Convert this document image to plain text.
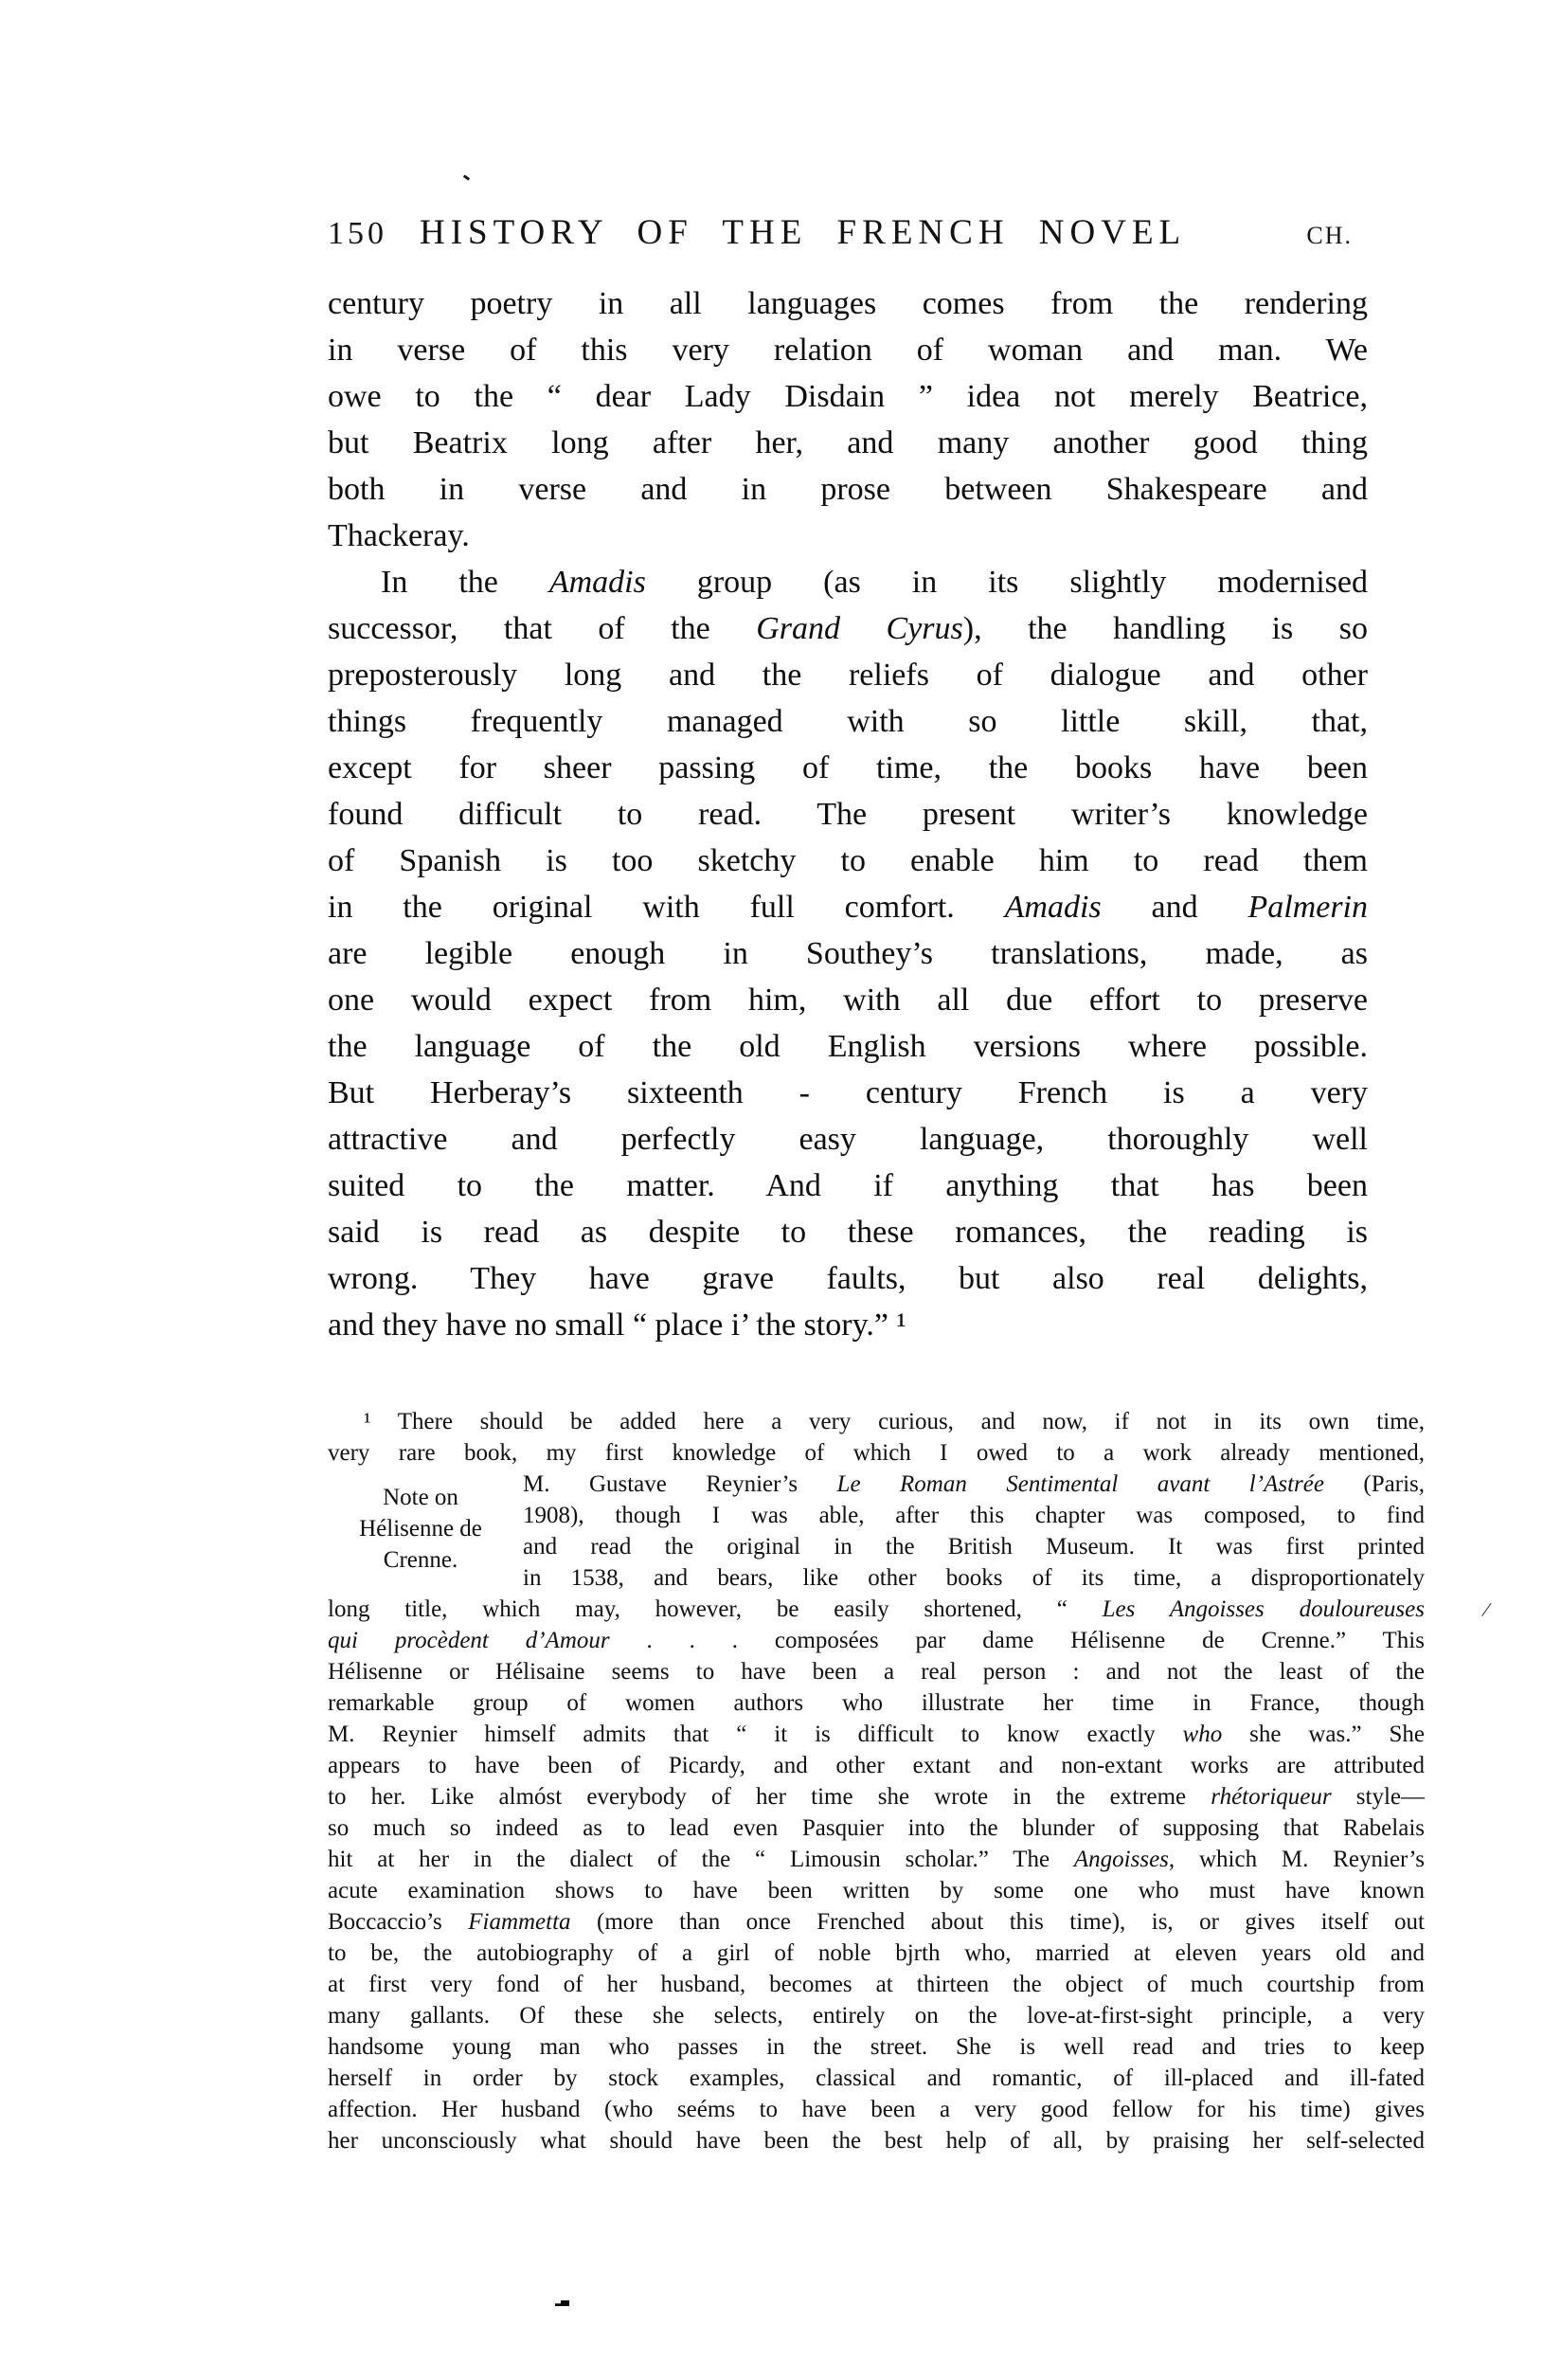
150 HISTORY OF THE FRENCH NOVEL	CH.
century poetry in all languages comes from the rendering
in verse of this very relation of woman and man. We
owe to the “ dear Lady Disdain ” idea not merely Beatrice,
but Beatrix long after her, and many another good thing
both in verse and in prose between Shakespeare and
Thackeray.
In the Amadis group (as in its slightly modernised
successor, that of the Grand Cyrus), the handling is so
preposterously long and the reliefs of dialogue and other
things frequently managed with so little skill, that,
except for sheer passing of time, the books have been
found difficult to read. The present writer’s knowledge
of Spanish is too sketchy to enable him to read them
in the original with full comfort. Amadis and Palmerin
are legible enough in Southey’s translations, made, as
one would expect from him, with all due effort to preserve
the language of the old English versions where possible.
But Herberay’s sixteenth - century French is a very
attractive and perfectly easy language, thoroughly well
suited to the matter. And if anything that has been
said is read as despite to these romances, the reading is
wrong. They have grave faults, but also real delights,
and they have no small “ place i’ the story.” ¹
Note on
Hélisenne de
Crenne.
¹ There should be added here a very curious, and now, if not in its own time,
very rare book, my first knowledge of which I owed to a work already mentioned,
M. Gustave Reynier’s Le Roman Sentimental avant l’Astrée (Paris,
1908), though I was able, after this chapter was composed, to find
and read the original in the British Museum. It was first printed
in 1538, and bears, like other books of its time, a disproportionately
long title, which may, however, be easily shortened, “ Les Angoisses douloureuses
qui procèdent d’Amour . . . composées par dame Hélisenne de Crenne.” This
Hélisenne or Hélisaine seems to have been a real person : and not the least of the
remarkable group of women authors who illustrate her time in France, though
M. Reynier himself admits that “ it is difficult to know exactly who she was.” She
appears to have been of Picardy, and other extant and non-extant works are attributed
to her. Like almóst everybody of her time she wrote in the extreme rhétoriqueur style—
so much so indeed as to lead even Pasquier into the blunder of supposing that Rabelais
hit at her in the dialect of the “ Limousin scholar.” The Angoisses, which M. Reynier’s
acute examination shows to have been written by some one who must have known
Boccaccio’s Fiammetta (more than once Frenched about this time), is, or gives itself out
to be, the autobiography of a girl of noble bjrth who, married at eleven years old and
at first very fond of her husband, becomes at thirteen the object of much courtship from
many gallants. Of these she selects, entirely on the love-at-first-sight principle, a very
handsome young man who passes in the street. She is well read and tries to keep
herself in order by stock examples, classical and romantic, of ill-placed and ill-fated
affection. Her husband (who seéms to have been a very good fellow for his time) gives
her unconsciously what should have been the best help of all, by praising her self-selected
/
